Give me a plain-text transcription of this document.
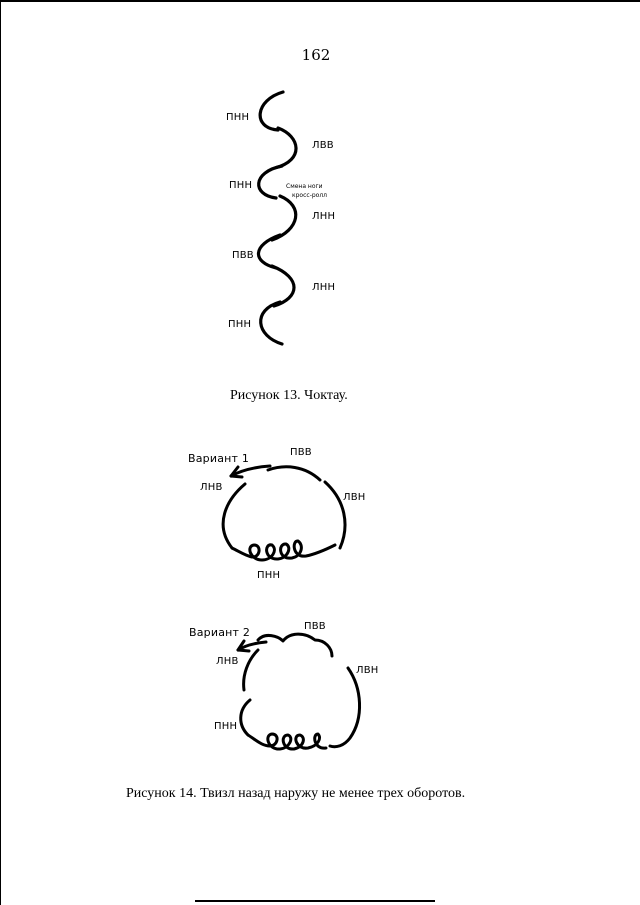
162
ПНН
ЛВВ
ПНН	Смена ноги
кросс-ролл
ЛНН
ПВВ
ЛНН
ПНН
Рисунок 13. Чоктау.
Вариант 1	ПВВ
ЛНВ
ЛВН
ПНН
Вариант 2	ПВВ
ЛНВ
ЛВН
ПНН
Рисунок 14. Твизл назад наружу не менее трех оборотов.
